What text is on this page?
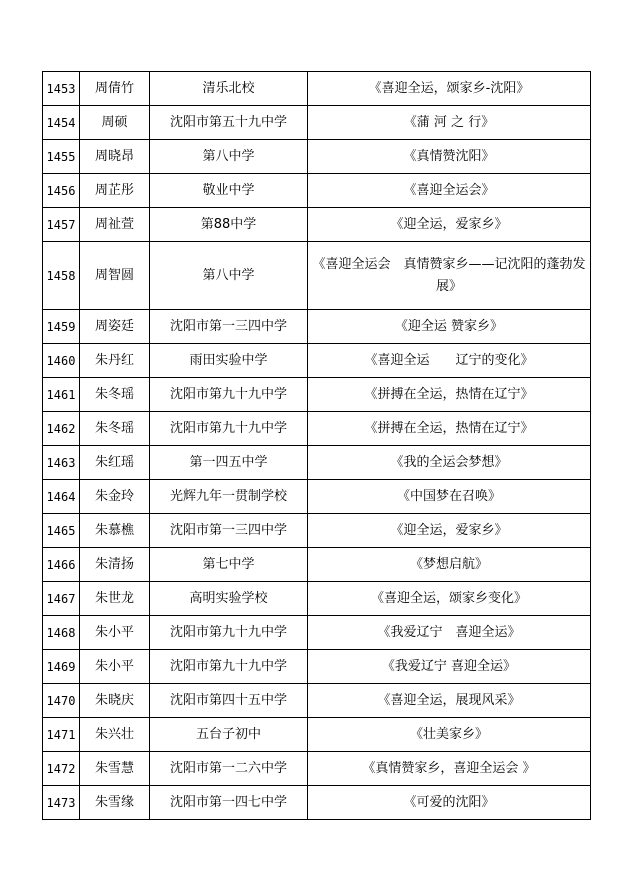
1453	周倩竹	清乐北校	《喜迎全运，颂家乡-沈阳》
1454	周硕	沈阳市第五十九中学	《蒲 河 之 行》
1455	周晓昂	第八中学	《真情赞沈阳》
1456	周芷彤	敬业中学	《喜迎全运会》
1457	周祉萱	第88中学	《迎全运，爱家乡》
1458	周智圆	第八中学	《喜迎全运会　真情赞家乡——记沈阳的蓬勃发展》
1459	周姿廷	沈阳市第一三四中学	《迎全运 赞家乡》
1460	朱丹红	雨田实验中学	《喜迎全运　　辽宁的变化》
1461	朱冬瑶	沈阳市第九十九中学	《拼搏在全运，热情在辽宁》
1462	朱冬瑶	沈阳市第九十九中学	《拼搏在全运，热情在辽宁》
1463	朱红瑶	第一四五中学	《我的全运会梦想》
1464	朱金玲	光辉九年一贯制学校	《中国梦在召唤》
1465	朱慕樵	沈阳市第一三四中学	《迎全运，爱家乡》
1466	朱清扬	第七中学	《梦想启航》
1467	朱世龙	高明实验学校	《喜迎全运，颂家乡变化》
1468	朱小平	沈阳市第九十九中学	《我爱辽宁　喜迎全运》
1469	朱小平	沈阳市第九十九中学	《我爱辽宁 喜迎全运》
1470	朱晓庆	沈阳市第四十五中学	《喜迎全运，展现风采》
1471	朱兴壮	五台子初中	《壮美家乡》
1472	朱雪慧	沈阳市第一二六中学	《真情赞家乡，喜迎全运会 》
1473	朱雪缘	沈阳市第一四七中学	《可爱的沈阳》
